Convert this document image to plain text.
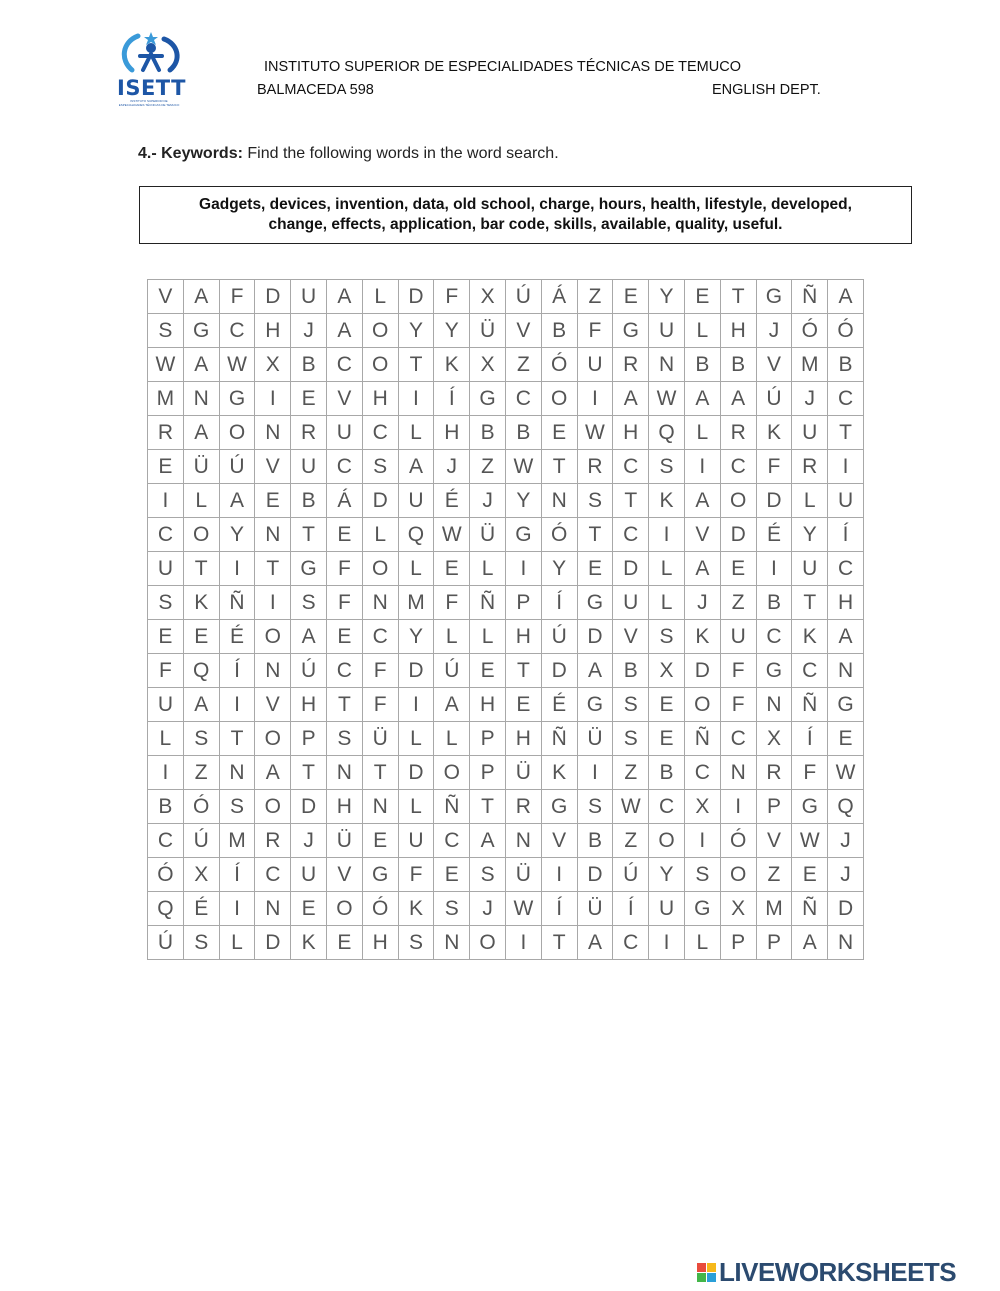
ISETT
INSTITUTO SUPERIOR DE ESPECIALIDADES TÉCNICAS DE TEMUCO
INSTITUTO SUPERIOR DE ESPECIALIDADES TÉCNICAS DE TEMUCO
BALMACEDA 598	ENGLISH DEPT.
4.- Keywords: Find the following words in the word search.
Gadgets, devices, invention, data, old school, charge, hours, health, lifestyle, developed,
change, effects, application, bar code, skills, available, quality, useful.
V	A	F	D	U	A	L	D	F	X	Ú	Á	Z	E	Y	E	T	G	Ñ	A
S	G	C	H	J	A	O	Y	Y	Ü	V	B	F	G	U	L	H	J	Ó	Ó
W	A	W	X	B	C	O	T	K	X	Z	Ó	U	R	N	B	B	V	M	B
M	N	G	I	E	V	H	I	Í	G	C	O	I	A	W	A	A	Ú	J	C
R	A	O	N	R	U	C	L	H	B	B	E	W	H	Q	L	R	K	U	T
E	Ü	Ú	V	U	C	S	A	J	Z	W	T	R	C	S	I	C	F	R	I
I	L	A	E	B	Á	D	U	É	J	Y	N	S	T	K	A	O	D	L	U
C	O	Y	N	T	E	L	Q	W	Ü	G	Ó	T	C	I	V	D	É	Y	Í
U	T	I	T	G	F	O	L	E	L	I	Y	E	D	L	A	E	I	U	C
S	K	Ñ	I	S	F	N	M	F	Ñ	P	Í	G	U	L	J	Z	B	T	H
E	E	É	O	A	E	C	Y	L	L	H	Ú	D	V	S	K	U	C	K	A
F	Q	Í	N	Ú	C	F	D	Ú	E	T	D	A	B	X	D	F	G	C	N
U	A	I	V	H	T	F	I	A	H	E	É	G	S	E	O	F	N	Ñ	G
L	S	T	O	P	S	Ü	L	L	P	H	Ñ	Ü	S	E	Ñ	C	X	Í	E
I	Z	N	A	T	N	T	D	O	P	Ü	K	I	Z	B	C	N	R	F	W
B	Ó	S	O	D	H	N	L	Ñ	T	R	G	S	W	C	X	I	P	G	Q
C	Ú	M	R	J	Ü	E	U	C	A	N	V	B	Z	O	I	Ó	V	W	J
Ó	X	Í	C	U	V	G	F	E	S	Ü	I	D	Ú	Y	S	O	Z	E	J
Q	É	I	N	E	O	Ó	K	S	J	W	Í	Ü	Í	U	G	X	M	Ñ	D
Ú	S	L	D	K	E	H	S	N	O	I	T	A	C	I	L	P	P	A	N
LIVEWORKSHEETS
